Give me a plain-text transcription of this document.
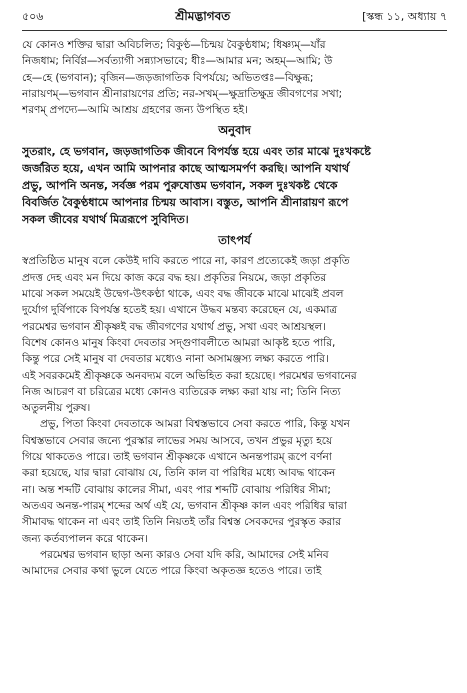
৫০৬	শ্রীমদ্ভাগবত	[স্কন্ধ ১১, অধ্যায় ৭
যে কোনও শক্তির দ্বারা অবিচলিত; বিকুণ্ঠ—চিন্ময় বৈকুণ্ঠধাম; ধিষ্ণ্যম্—যাঁর
নিজধাম; নির্বিণ্ণ—সর্বত্যাগী সন্ন্যাসভাবে; ধীঃ—আমার মন; অহম্—আমি; উ
হে—হে (ভগবান); বৃজিন—জড়জাগতিক বিপর্যয়ে; অভিতপ্তঃ—বিক্ষুব্ধ;
নারায়ণম্—ভগবান শ্রীনারায়ণের প্রতি; নর-সখম্—ক্ষুদ্রাতিক্ষুদ্র জীবগণের সখা;
শরণম্ প্রপদ্যে—আমি আশ্রয় গ্রহণের জন্য উপস্থিত হই।
অনুবাদ
সুতরাং, হে ভগবান, জড়জাগতিক জীবনে বিপর্যস্ত হয়ে এবং তার মাঝে দুঃখকষ্টে
জর্জরিত হয়ে, এখন আমি আপনার কাছে আত্মসমর্পণ করছি। আপনি যথার্থ
প্রভু, আপনি অনন্ত, সর্বজ্ঞ পরম পুরুষোত্তম ভগবান, সকল দুঃখকষ্ট থেকে
বিবর্জিত বৈকুণ্ঠধামে আপনার চিন্ময় আবাস। বস্তুত, আপনি শ্রীনারায়ণ রূপে
সকল জীবের যথার্থ মিত্ররূপে সুবিদিত।
তাৎপর্য
স্বপ্রতিষ্ঠিত মানুষ বলে কেউই দাবি করতে পারে না, কারণ প্রত্যেকেই জড়া প্রকৃতি
প্রদত্ত দেহ এবং মন দিয়ে কাজ করে বদ্ধ হয়। প্রকৃতির নিয়মে, জড়া প্রকৃতির
মাঝে সকল সময়েই উদ্বেগ-উৎকণ্ঠা থাকে, এবং বদ্ধ জীবকে মাঝে মাঝেই প্রবল
দুর্যোগ দুর্বিপাকে বিপর্যস্ত হতেই হয়। এখানে উদ্ধব মন্তব্য করেছেন যে, একমাত্র
পরমেশ্বর ভগবান শ্রীকৃষ্ণই বদ্ধ জীবগণের যথার্থ প্রভু, সখা এবং আশ্রয়স্থল।
বিশেষ কোনও মানুষ কিংবা দেবতার সদ্গুণাবলীতে আমরা আকৃষ্ট হতে পারি,
কিন্তু পরে সেই মানুষ বা দেবতার মধ্যেও নানা অসামঞ্জস্য লক্ষ্য করতে পারি।
এই সবরকমেই শ্রীকৃষ্ণকে অনবদ্যম বলে অভিহিত করা হয়েছে। পরমেশ্বর ভগবানের
নিজ আচরণ বা চরিত্রের মধ্যে কোনও ব্যতিরেক লক্ষ্য করা যায় না; তিনি নিত্য
অতুলনীয় পুরুষ।
প্রভু, পিতা কিংবা দেবতাকে আমরা বিশ্বস্তভাবে সেবা করতে পারি, কিন্তু যখন
বিশ্বস্তভাবে সেবার জন্যে পুরস্কার লাভের সময় আসবে, তখন প্রভুর মৃত্যু হয়ে
গিয়ে থাকতেও পারে। তাই ভগবান শ্রীকৃষ্ণকে এখানে অনন্তপারম্ রূপে বর্ণনা
করা হয়েছে, যার দ্বারা বোঝায় যে, তিনি কাল বা পরিধির মধ্যে আবদ্ধ থাকেন
না। অন্ত শব্দটি বোঝায় কালের সীমা, এবং পার শব্দটি বোঝায় পরিধির সীমা;
অতএব অনন্ত-পারম্ শব্দের অর্থ এই যে, ভগবান শ্রীকৃষ্ণ কাল এবং পরিধির দ্বারা
সীমাবদ্ধ থাকেন না এবং তাই তিনি নিয়তই তাঁর বিশ্বস্ত সেবকদের পুরস্কৃত করার
জন্য কর্তব্যপালন করে থাকেন।
পরমেশ্বর ভগবান ছাড়া অন্য কারও সেবা যদি করি, আমাদের সেই মনিব
আমাদের সেবার কথা ভুলে যেতে পারে কিংবা অকৃতজ্ঞ হতেও পারে। তাই
